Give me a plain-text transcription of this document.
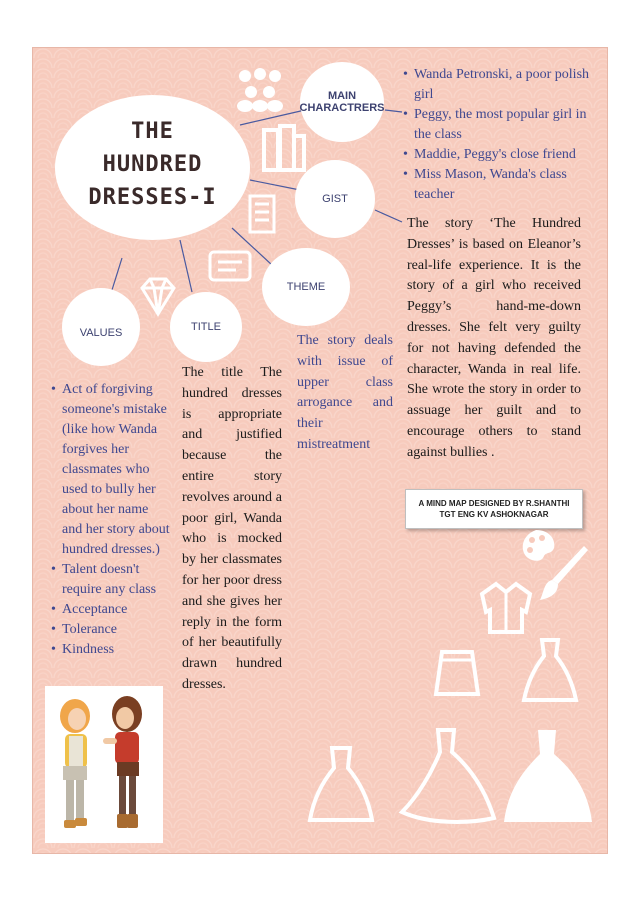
THE
HUNDRED
DRESSES-I
MAIN CHARACTRERS
GIST
THEME
TITLE
VALUES
• Wanda Petronski, a poor polish girl
• Peggy, the most popular girl in the class
• Maddie, Peggy's close friend
• Miss Mason, Wanda's class teacher
The story ‘The Hundred Dresses’ is based on Eleanor’s real-life experience. It is the story of a girl who received Peggy’s hand-me-down dresses. She felt very guilty for not having defended the character, Wanda in real life. She wrote the story in order to assuage her guilt and to encourage others to stand against bullies .
A MIND MAP DESIGNED BY R.SHANTHI
TGT ENG KV ASHOKNAGAR
The story deals with issue of upper class arrogance and their mistreatment
The title The hundred dresses is appropriate and justified because the entire story revolves around a poor girl, Wanda who is mocked by her classmates for her poor dress and she gives her reply in the form of her beautifully drawn hundred dresses.
• Act of forgiving someone's mistake (like how Wanda forgives her classmates who used to bully her about her name and her story about hundred dresses.)
• Talent doesn't require any class
• Acceptance
• Tolerance
• Kindness
